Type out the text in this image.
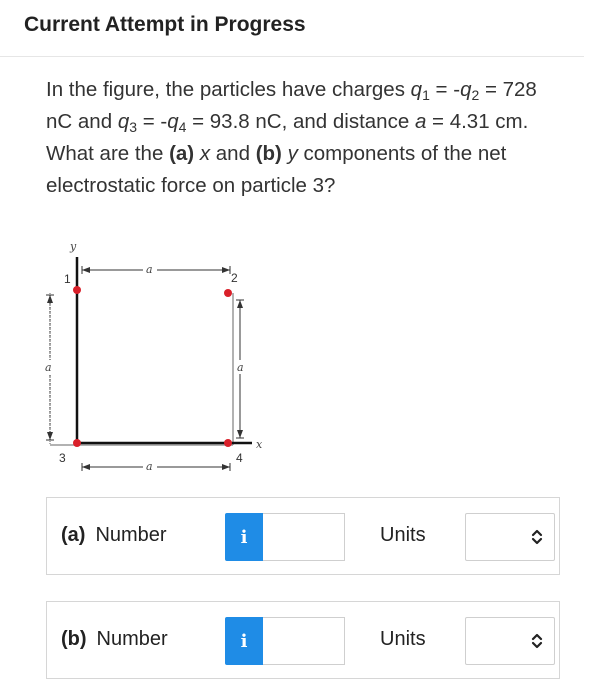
Current Attempt in Progress
In the figure, the particles have charges $q_1 = -q_2 = 728$ nC and $q_3 = -q_4 = 93.8$ nC, and distance a = 4.31 cm. What are the (a) x and (b) y components of the net electrostatic force on particle 3?
y
x
a
a	a
a
1	2
3	4
(a) Number	i	Units
(b) Number	i	Units
